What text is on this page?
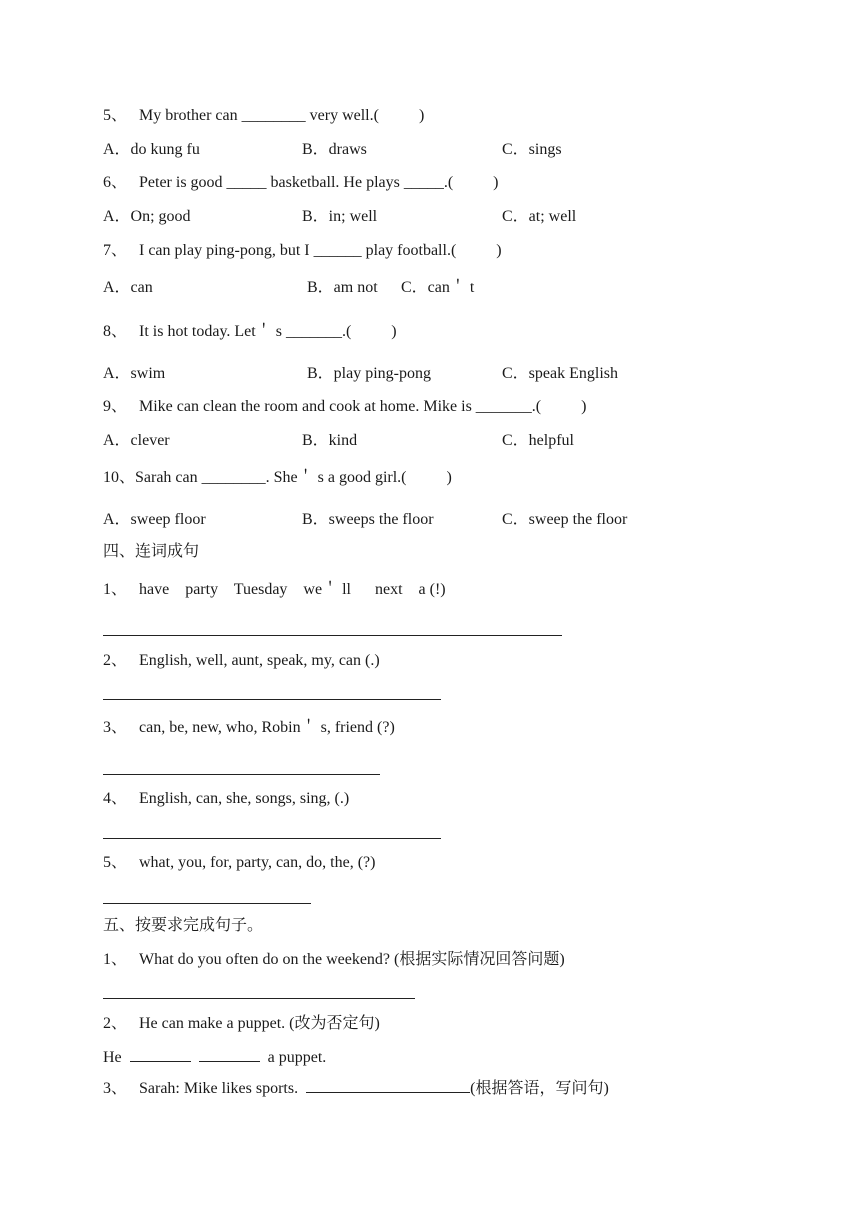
5、   My brother can ________ very well.(          )
A．do kung fu	B．draws	C．sings
6、   Peter is good _____ basketball. He plays _____.(          )
A．On; good	B．in; well	C．at; well
7、   I can play ping-pong, but I ______ play football.(          )
A．can	B．am not C．can＇ t
8、   It is hot today. Let＇ s _______.(          )
A．swim	B．play ping-pong	C．speak English
9、   Mike can clean the room and cook at home. Mike is _______.(          )
A．clever	B．kind	C．helpful
10、Sarah can ________. She＇ s a good girl.(          )
A．sweep floor	B．sweeps the floor	C．sweep the floor
四、连词成句
1、   have    party    Tuesday    we＇ ll      next    a (!)
2、   English, well, aunt, speak, my, can (.)
3、   can, be, new, who, Robin＇ s, friend (?)
4、   English, can, she, songs, sing, (.)
5、   what, you, for, party, can, do, the, (?)
五、按要求完成句子。
1、   What do you often do on the weekend? (根据实际情况回答问题)
2、   He can make a puppet. (改为否定句)
He	a puppet.
3、   Sarah: Mike likes sports.	(根据答语，写问句)
